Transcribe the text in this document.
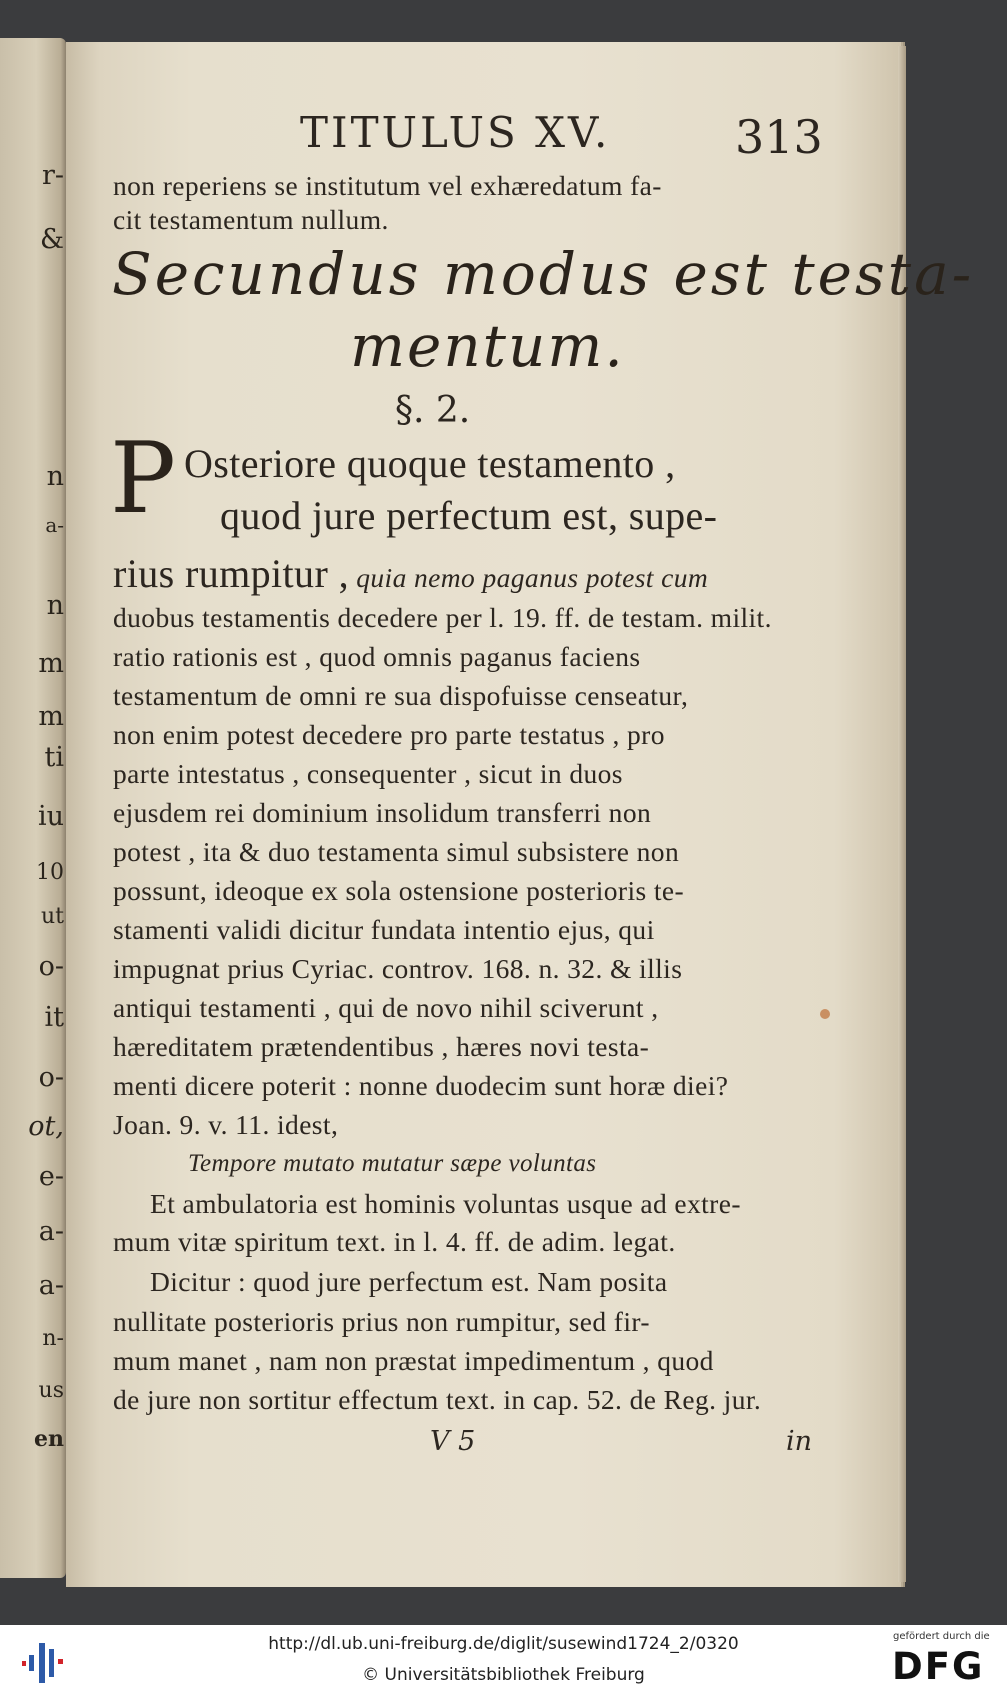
r-
&
n
a-
n
m
m
ti
iu
10
ut
o-
it
o-
ot,
e-
a-
a-
n-
us
en
TITULUS XV.	313
non reperiens se institutum vel exhæredatum fa-
cit testamentum nullum.
Secundus modus est testa-
mentum.
§. 2.
P Osteriore quoque testamento ,
quod jure perfectum est, supe-
rius rumpitur , quia nemo paganus potest cum
duobus testamentis decedere per l. 19. ff. de testam. milit.
ratio rationis est , quod omnis paganus faciens
testamentum de omni re sua dispofuisse censeatur,
non enim potest decedere pro parte testatus , pro
parte intestatus , consequenter , sicut in duos
ejusdem rei dominium insolidum transferri non
potest , ita & duo testamenta simul subsistere non
possunt, ideoque ex sola ostensione posterioris te-
stamenti validi dicitur fundata intentio ejus, qui
impugnat prius Cyriac. controv. 168. n. 32. & illis
antiqui testamenti , qui de novo nihil sciverunt ,
hæreditatem prætendentibus , hæres novi testa-
menti dicere poterit : nonne duodecim sunt horæ diei?
Joan. 9. v. 11. idest,
Tempore mutato mutatur sæpe voluntas
Et ambulatoria est hominis voluntas usque ad extre-
mum vitæ spiritum text. in l. 4. ff. de adim. legat.
Dicitur : quod jure perfectum est. Nam posita
nullitate posterioris prius non rumpitur, sed fir-
mum manet , nam non præstat impedimentum , quod
de jure non sortitur effectum text. in cap. 52. de Reg. jur.
V 5	in
http://dl.ub.uni-freiburg.de/diglit/susewind1724_2/0320
© Universitätsbibliothek Freiburg
gefördert durch die
DFG
